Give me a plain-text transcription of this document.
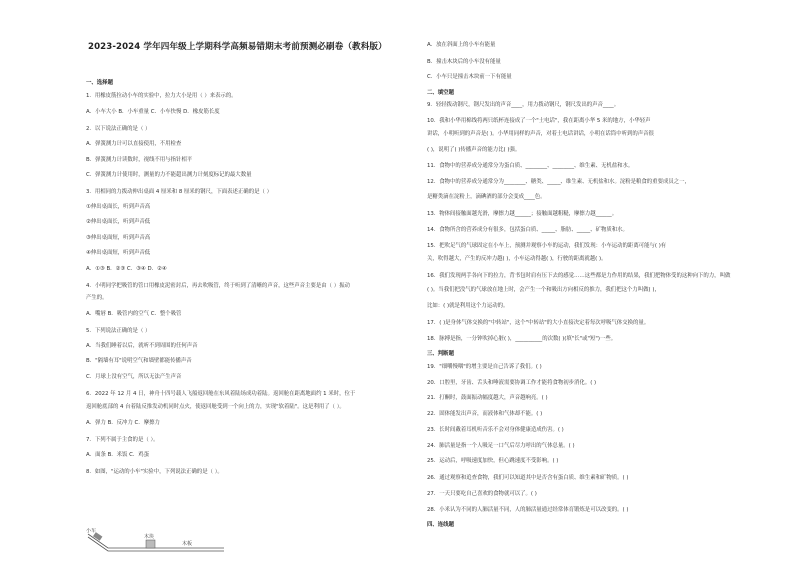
2023-2024 学年四年级上学期科学高频易错期末考前预测必刷卷（教科版）
一、选择题
1．用橡皮筋拉动小车的实验中，拉力大小是用（ ）来表示的。
A．小车大小 B．小车重量 C．小车快慢 D．橡皮筋长度
2．以下说法正确的是（ ）
A．弹簧测力计可以直接使用，不用检查
B．弹簧测力计读数时，视线不用与指针相平
C．弹簧测力计使用时，测量的力不能超出测力计刻度标记的最大数量
3．用相同的力拨动伸出桌面 4 厘米和 8 厘米的钢尺，下面表述正确的是（ ）
①伸出桌面长，听到声音高
②伸出桌面长，听到声音低
③伸出桌面短，听到声音高
④伸出桌面短，听到声音低
A．①③ B．②③ C．③④ D．②④
4．小明同学把吸管的管口用橡皮泥密封后，再去吹吸管，终于听到了清晰的声音，这些声音主要是由（ ）振动
产生的。
A．嘴唇 B．吸管内的空气 C．整个吸管
5．下列说法正确的是（ ）
A．当我们睡着以后，就听不到周围的任何声音
B．"隔墙有耳"说明空气和墙壁都能传播声音
C．月球上没有空气，所以无法产生声音
6．2022 年 12 月 4 日，神舟十四号载人飞船返回舱在东风着陆场成功着陆。返回舱在距离地面约 1 米时，位于
返回舱底部的 4 台着陆反推发动机同时点火，使返回舱受到一个向上的力，实现"软着陆"。这是利用了（ ）。
A．弹力 B．反冲力 C．摩擦力
7．下列不属于主食的是（ ）。
A．面条 B．米饭 C．鸡蛋
8．如图，"运动的小车"实验中，下列说法正确的是（ ）。
A．放在斜面上的小车有能量
B．撞击木块后的小车没有能量
C．小车只是撞击木块前一下有能量
二、填空题
9．轻轻拨动钢尺，钢尺发出的声音____，用力拨动钢尺，钢尺发出的声音____。
10．我和小华用棉线将两只纸杯连接成了一个"土电话"，我在距离小华 5 米的地方，小华轻声
讲话，小明听到的声音是( )。小华用同样的声音，对着土电话讲话，小明在话筒中听到的声音很
( )，说明了( )传播声音的能力比( )强。
11．食物中的营养成分通常分为蛋白质、________、________、维生素、无机盐和水。
12．食物中的营养成分通常分为________、糖类、_____、维生素、无机盐和水。淀粉是粮食的重要成员之一，
是糖类滴在淀粉上，滴碘酒的部分会变成____色。
13．物体间接触面越光滑，摩擦力越______；接触面越粗糙，摩擦力越______。
14．食物所含的营养成分有很多，包括蛋白质、_____、脂肪、_____、矿物质和水。
15．把吹足气的气球固定在小车上，预测并观察小车的运动，我们发现：小车运动的距离可能与( )有
关，吹得越大，产生的反冲力越( )，小车运动得越( )，行驶的距离就越( )。
16．我们发现两手各向下的拉力，背书包时肩有压下去的感觉……这些都是力作用的结果，我们把物体受的这种向下的力，叫做
( )。当我们把没气的气球放在地上时，会产生一个和吸出方向相反的推力，我们把这个力叫做( )，
比如：( )就是利用这个力运动的。
17．( )是身体气体交换的"中转站"，这个"中转站"的大小直接决定着每次呼吸气体交换的量。
18．脉搏是指，一分钟吹掉心脏( )，__________的次数( )(填"长"或"短")一些。
三、判断题
19．"细嚼慢咽"的增主要是自己告诉了我们。( )
20．口腔里，牙齿、舌头和唾液需要协调工作才能将食物初步消化。( )
21．打酮时，鼓面振动幅度越大，声音越响亮。( )
22．固体能发出声音，而液体和气体却不能。( )
23．长时间戴着耳机听音乐不会对身体健康造成伤害。( )
24．肺活量是指一个人吸足一口气后尽力呼出的气体总量。( )
25．运动后，呼吸速度加快，但心跳速度不受影响。( )
26．通过观察和追查食物，我们可以知道其中是否含有蛋白质、维生素和矿物质。( )
27．一天只要吃自己喜欢的食物就可以了。( )
28．小米认为不同的人肺活量不同，人的肺活量通过经常体育锻炼是可以改变的。( )
四、连线题
小车
木块
木板
